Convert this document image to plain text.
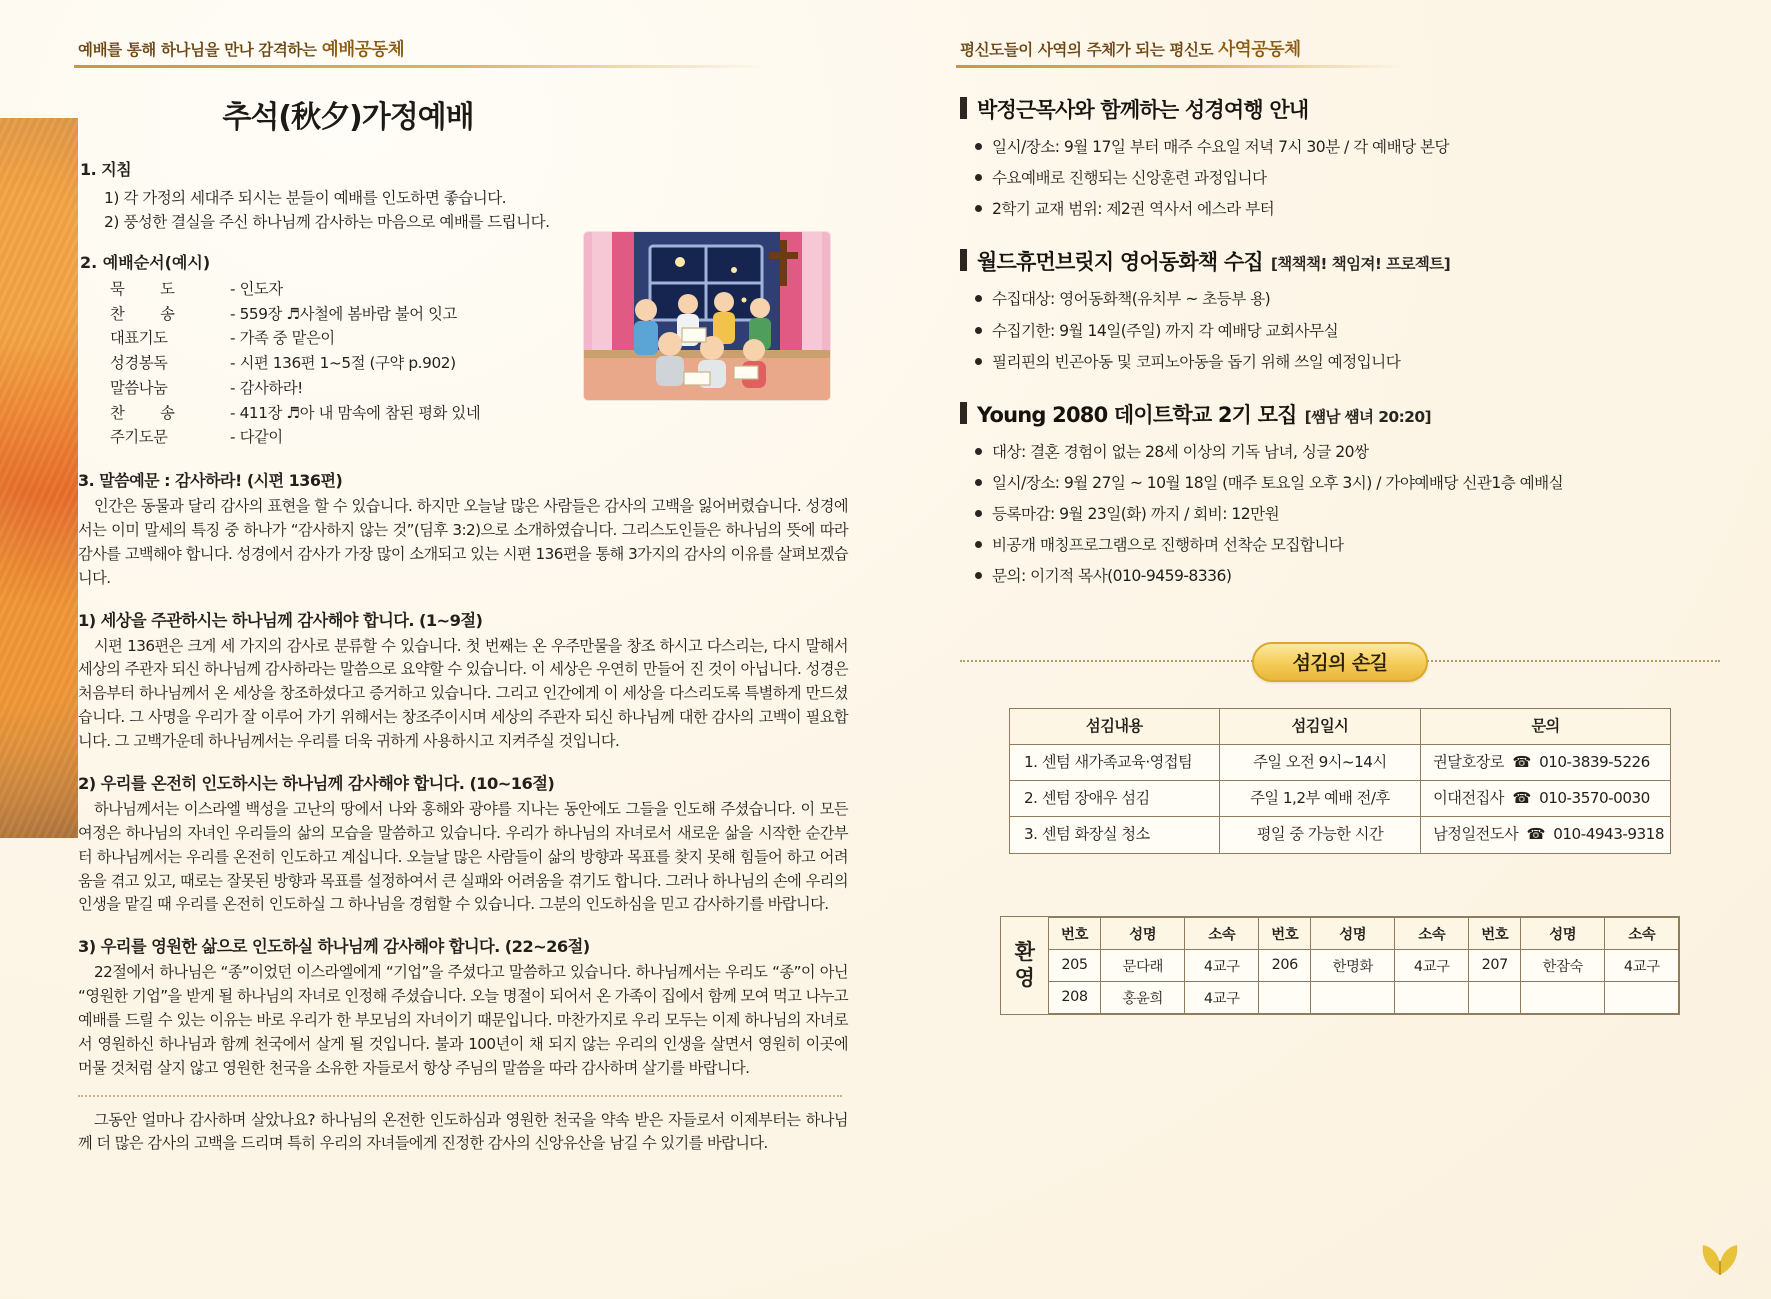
예배를 통해 하나님을 만나 감격하는 예배공동체
추석(秋夕)가정예배
1. 지침
1) 각 가정의 세대주 되시는 분들이 예배를 인도하면 좋습니다.
2) 풍성한 결실을 주신 하나님께 감사하는 마음으로 예배를 드립니다.
2. 예배순서(예시)
묵        도	- 인도자
찬        송	- 559장 ♬사철에 봄바람 불어 잇고
대표기도	- 가족 중 맡은이
성경봉독	- 시편 136편 1~5절 (구약 p.902)
말씀나눔	- 감사하라!
찬        송	- 411장 ♬아 내 맘속에 참된 평화 있네
주기도문	- 다같이
3. 말씀예문 : 감사하라! (시편 136편)

인간은 동물과 달리 감사의 표현을 할 수 있습니다. 하지만 오늘날 많은 사람들은 감사의 고백을 잃어버렸습니다. 성경에서는 이미 말세의 특징 중 하나가 “감사하지 않는 것”(딤후 3:2)으로 소개하였습니다. 그리스도인들은 하나님의 뜻에 따라 감사를 고백해야 합니다. 성경에서 감사가 가장 많이 소개되고 있는 시편 136편을 통해 3가지의 감사의 이유를 살펴보겠습니다.

1) 세상을 주관하시는 하나님께 감사해야 합니다. (1~9절)

시편 136편은 크게 세 가지의 감사로 분류할 수 있습니다. 첫 번째는 온 우주만물을 창조 하시고 다스리는, 다시 말해서 세상의 주관자 되신 하나님께 감사하라는 말씀으로 요약할 수 있습니다. 이 세상은 우연히 만들어 진 것이 아닙니다. 성경은 처음부터 하나님께서 온 세상을 창조하셨다고 증거하고 있습니다. 그리고 인간에게 이 세상을 다스리도록 특별하게 만드셨습니다. 그 사명을 우리가 잘 이루어 가기 위해서는 창조주이시며 세상의 주관자 되신 하나님께 대한 감사의 고백이 필요합니다. 그 고백가운데 하나님께서는 우리를 더욱 귀하게 사용하시고 지켜주실 것입니다.

2) 우리를 온전히 인도하시는 하나님께 감사해야 합니다. (10~16절)

하나님께서는 이스라엘 백성을 고난의 땅에서 나와 홍해와 광야를 지나는 동안에도 그들을 인도해 주셨습니다. 이 모든 여정은 하나님의 자녀인 우리들의 삶의 모습을 말씀하고 있습니다. 우리가 하나님의 자녀로서 새로운 삶을 시작한 순간부터 하나님께서는 우리를 온전히 인도하고 계십니다. 오늘날 많은 사람들이 삶의 방향과 목표를 찾지 못해 힘들어 하고 어려움을 겪고 있고, 때로는 잘못된 방향과 목표를 설정하여서 큰 실패와 어려움을 겪기도 합니다. 그러나 하나님의 손에 우리의 인생을 맡길 때 우리를 온전히 인도하실 그 하나님을 경험할 수 있습니다. 그분의 인도하심을 믿고 감사하기를 바랍니다.

3) 우리를 영원한 삶으로 인도하실 하나님께 감사해야 합니다. (22~26절)

22절에서 하나님은 “종”이었던 이스라엘에게 “기업”을 주셨다고 말씀하고 있습니다. 하나님께서는 우리도 “종”이 아닌 “영원한 기업”을 받게 될 하나님의 자녀로 인정해 주셨습니다. 오늘 명절이 되어서 온 가족이 집에서 함께 모여 먹고 나누고 예배를 드릴 수 있는 이유는 바로 우리가 한 부모님의 자녀이기 때문입니다. 마찬가지로 우리 모두는 이제 하나님의 자녀로서 영원하신 하나님과 함께 천국에서 살게 될 것입니다. 불과 100년이 채 되지 않는 우리의 인생을 살면서 영원히 이곳에 머물 것처럼 살지 않고 영원한 천국을 소유한 자들로서 항상 주님의 말씀을 따라 감사하며 살기를 바랍니다.

그동안 얼마나 감사하며 살았나요? 하나님의 온전한 인도하심과 영원한 천국을 약속 받은 자들로서 이제부터는 하나님께 더 많은 감사의 고백을 드리며 특히 우리의 자녀들에게 진정한 감사의 신앙유산을 남길 수 있기를 바랍니다.

평신도들이 사역의 주체가 되는 평신도 사역공동체
박정근목사와 함께하는 성경여행 안내
일시/장소: 9월 17일 부터 매주 수요일 저녁 7시 30분 / 각 예배당 본당
수요예배로 진행되는 신앙훈련 과정입니다
2학기 교재 범위: 제2권 역사서 에스라 부터
월드휴먼브릿지 영어동화책 수집 [책책책! 책임져! 프로젝트]
수집대상: 영어동화책(유치부 ~ 초등부 용)
수집기한: 9월 14일(주일) 까지 각 예배당 교회사무실
필리핀의 빈곤아동 및 코피노아동을 돕기 위해 쓰일 예정입니다
Young 2080 데이트학교 2기 모집 [썜남 썜녀 20:20]
대상: 결혼 경험이 없는 28세 이상의 기독 남녀, 싱글 20쌍
일시/장소: 9월 27일 ~ 10월 18일 (매주 토요일 오후 3시) / 가야예배당 신관1층 예배실
등록마감: 9월 23일(화) 까지 / 회비: 12만원
비공개 매칭프로그램으로 진행하며 선착순 모집합니다
문의: 이기적 목사(010-9459-8336)
섬김의 손길
섬김내용	섬김일시	문의
1. 센텀 새가족교육·영접팀	주일 오전 9시~14시	권달호장로 ☎ 010-3839-5226
2. 센텀 장애우 섬김	주일 1,2부 예배 전/후	이대전집사 ☎ 010-3570-0030
3. 센텀 화장실 청소	평일 중 가능한 시간	남정일전도사 ☎ 010-4943-9318
환
영
번호	성명	소속	번호	성명	소속	번호	성명	소속
205	문다래	4교구	206	한명화	4교구	207	한잠숙	4교구
208	홍윤희	4교구						
